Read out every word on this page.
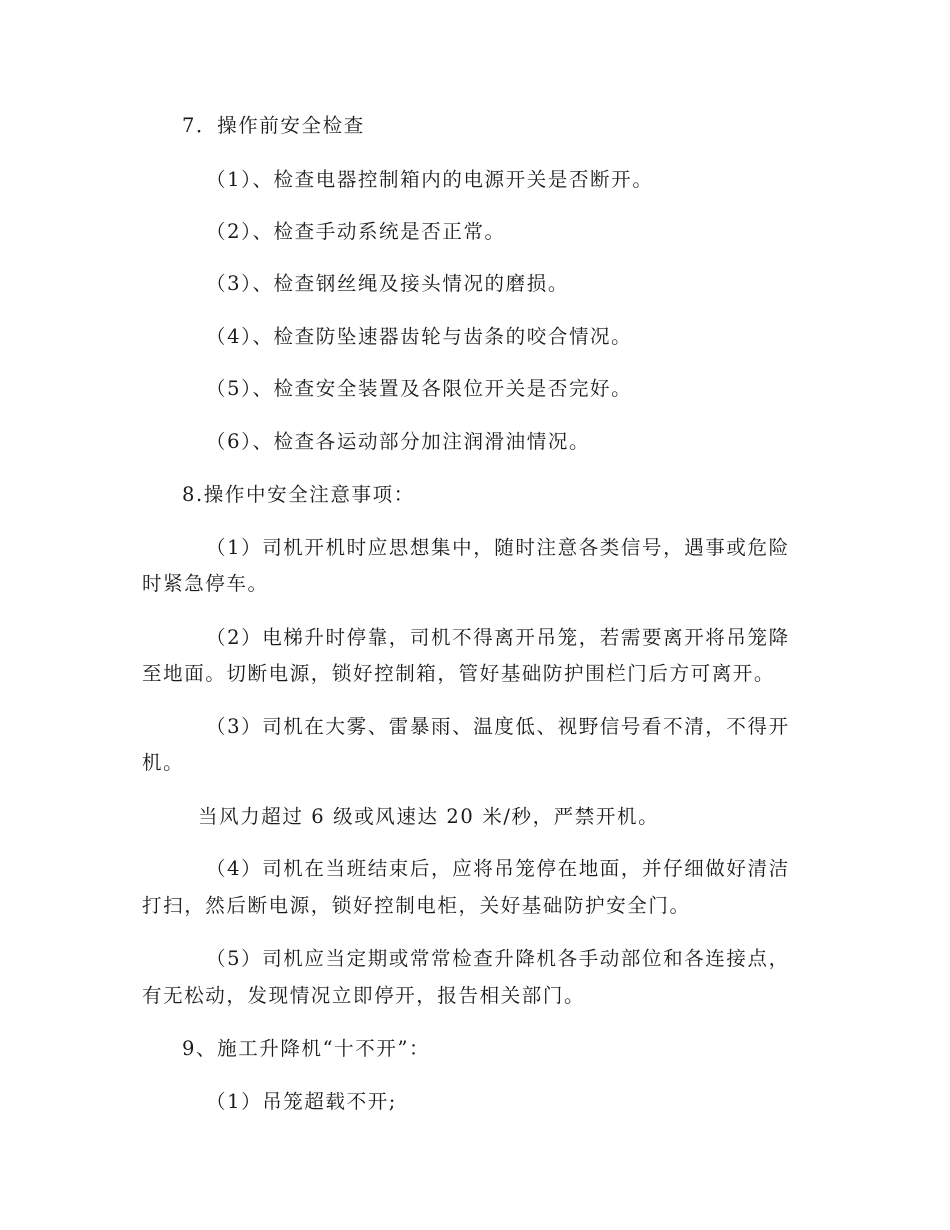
7．操作前安全检查
（1）、检查电器控制箱内的电源开关是否断开。
（2）、检查手动系统是否正常。
（3）、检查钢丝绳及接头情况的磨损。
（4）、检查防坠速器齿轮与齿条的咬合情况。
（5）、检查安全装置及各限位开关是否完好。
（6）、检查各运动部分加注润滑油情况。
8.操作中安全注意事项：
（1）司机开机时应思想集中，随时注意各类信号，遇事或危险
时紧急停车。
（2）电梯升时停靠，司机不得离开吊笼，若需要离开将吊笼降
至地面。切断电源，锁好控制箱，管好基础防护围栏门后方可离开。
（3）司机在大雾、雷暴雨、温度低、视野信号看不清，不得开
机。
当风力超过 6 级或风速达 20 米/秒，严禁开机。
（4）司机在当班结束后，应将吊笼停在地面，并仔细做好清洁
打扫，然后断电源，锁好控制电柜，关好基础防护安全门。
（5）司机应当定期或常常检查升降机各手动部位和各连接点，
有无松动，发现情况立即停开，报告相关部门。
9、施工升降机“十不开”：
（1）吊笼超载不开;
